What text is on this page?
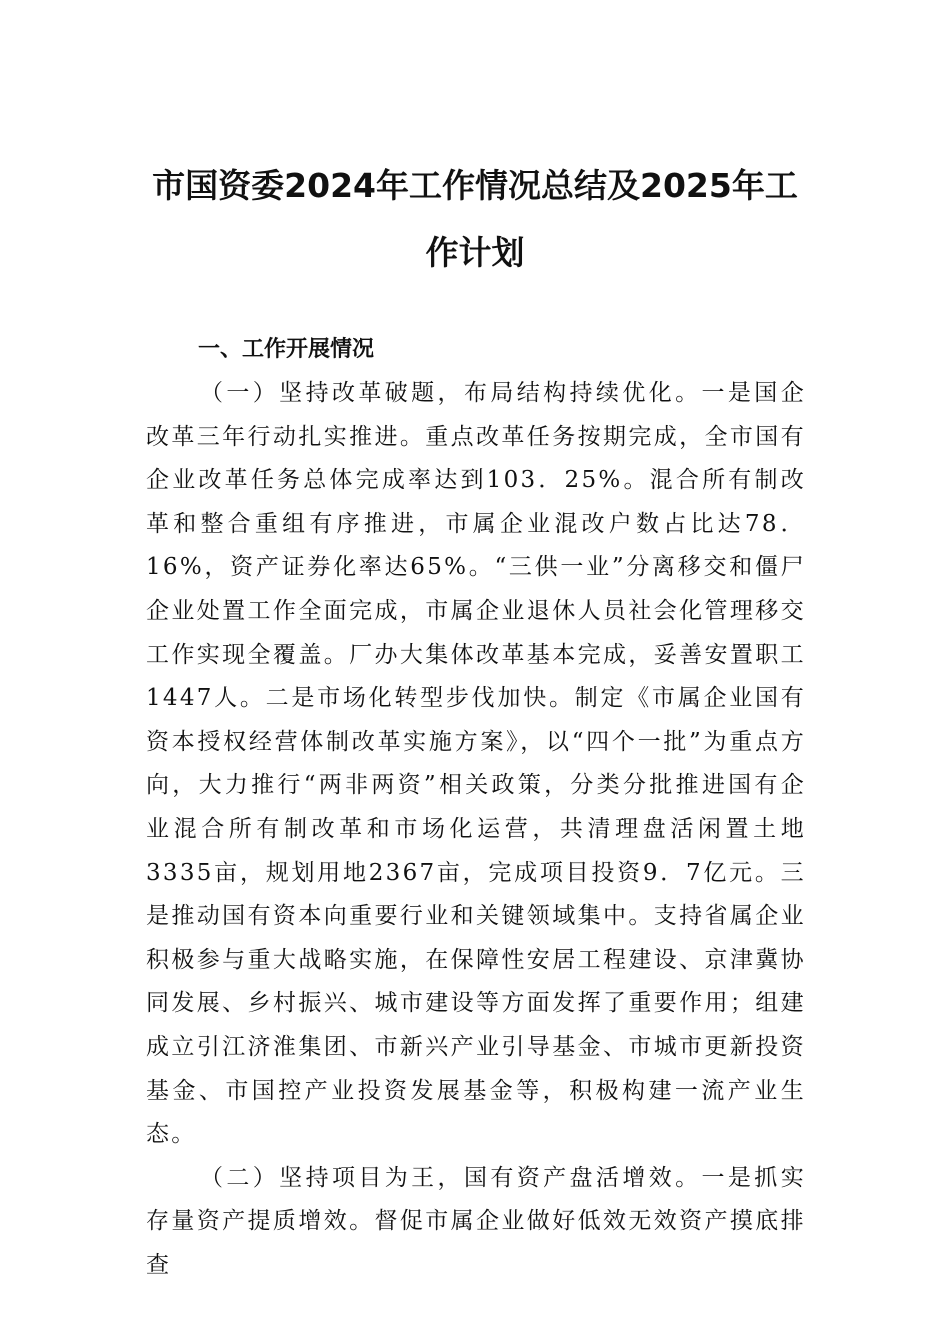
市国资委2024年工作情况总结及2025年工作计划

一、工作开展情况

（一）坚持改革破题，布局结构持续优化。一是国企改革三年行动扎实推进。重点改革任务按期完成，全市国有企业改革任务总体完成率达到103．25%。混合所有制改革和整合重组有序推进，市属企业混改户数占比达78．16%，资产证券化率达65%。“三供一业”分离移交和僵尸企业处置工作全面完成，市属企业退休人员社会化管理移交工作实现全覆盖。厂办大集体改革基本完成，妥善安置职工1447人。二是市场化转型步伐加快。制定《市属企业国有资本授权经营体制改革实施方案》，以“四个一批”为重点方向，大力推行“两非两资”相关政策，分类分批推进国有企业混合所有制改革和市场化运营，共清理盘活闲置土地3335亩，规划用地2367亩，完成项目投资9．7亿元。三是推动国有资本向重要行业和关键领域集中。支持省属企业积极参与重大战略实施，在保障性安居工程建设、京津冀协同发展、乡村振兴、城市建设等方面发挥了重要作用；组建成立引江济淮集团、市新兴产业引导基金、市城市更新投资基金、市国控产业投资发展基金等，积极构建一流产业生态。

（二）坚持项目为王，国有资产盘活增效。一是抓实存量资产提质增效。督促市属企业做好低效无效资产摸底排查
